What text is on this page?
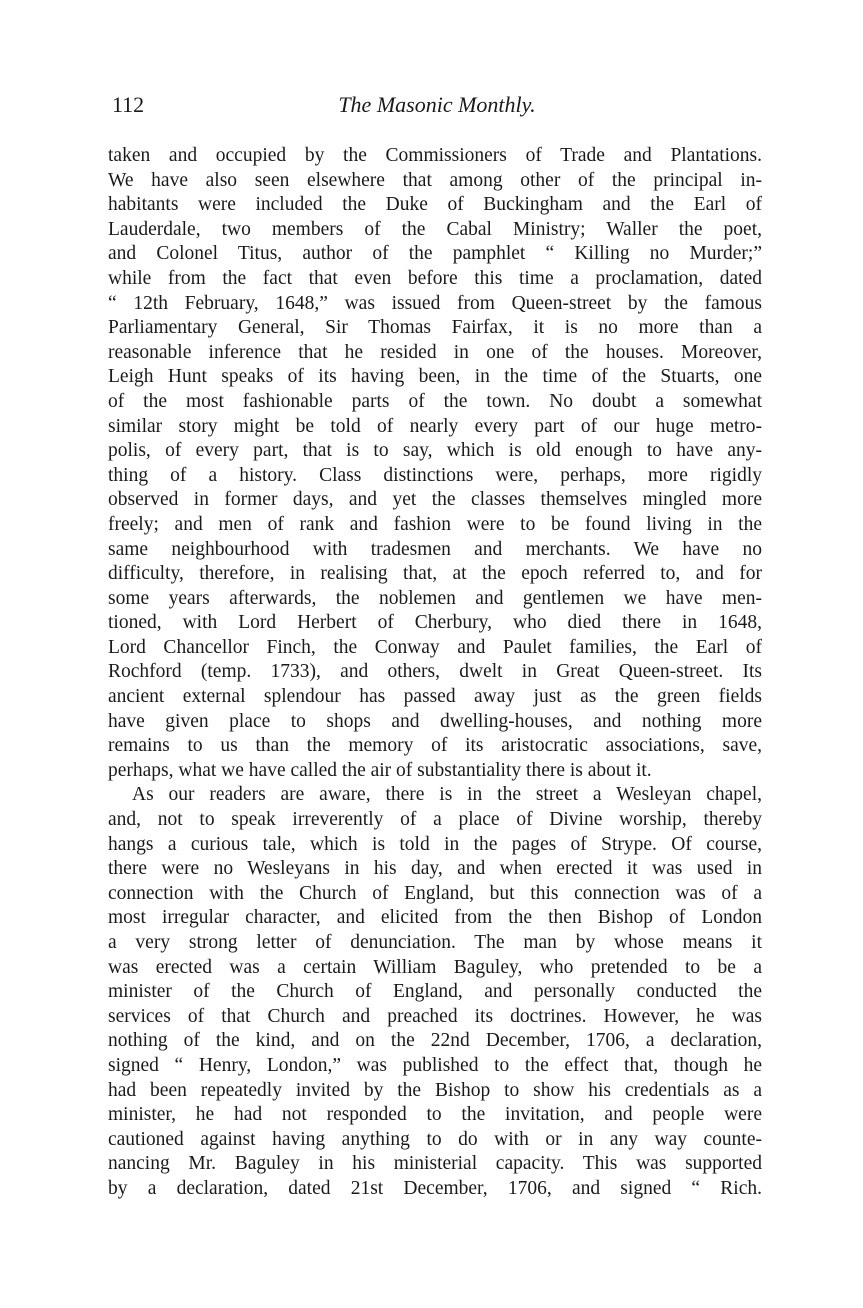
112	The Masonic Monthly.
taken and occupied by the Commissioners of Trade and Plantations.
We have also seen elsewhere that among other of the principal in-
habitants were included the Duke of Buckingham and the Earl of
Lauderdale, two members of the Cabal Ministry; Waller the poet,
and Colonel Titus, author of the pamphlet “ Killing no Murder;”
while from the fact that even before this time a proclamation, dated
“ 12th February, 1648,” was issued from Queen-street by the famous
Parliamentary General, Sir Thomas Fairfax, it is no more than a
reasonable inference that he resided in one of the houses. Moreover,
Leigh Hunt speaks of its having been, in the time of the Stuarts, one
of the most fashionable parts of the town. No doubt a somewhat
similar story might be told of nearly every part of our huge metro-
polis, of every part, that is to say, which is old enough to have any-
thing of a history. Class distinctions were, perhaps, more rigidly
observed in former days, and yet the classes themselves mingled more
freely; and men of rank and fashion were to be found living in the
same neighbourhood with tradesmen and merchants. We have no
difficulty, therefore, in realising that, at the epoch referred to, and for
some years afterwards, the noblemen and gentlemen we have men-
tioned, with Lord Herbert of Cherbury, who died there in 1648,
Lord Chancellor Finch, the Conway and Paulet families, the Earl of
Rochford (temp. 1733), and others, dwelt in Great Queen-street. Its
ancient external splendour has passed away just as the green fields
have given place to shops and dwelling-houses, and nothing more
remains to us than the memory of its aristocratic associations, save,
perhaps, what we have called the air of substantiality there is about it.
As our readers are aware, there is in the street a Wesleyan chapel,
and, not to speak irreverently of a place of Divine worship, thereby
hangs a curious tale, which is told in the pages of Strype. Of course,
there were no Wesleyans in his day, and when erected it was used in
connection with the Church of England, but this connection was of a
most irregular character, and elicited from the then Bishop of London
a very strong letter of denunciation. The man by whose means it
was erected was a certain William Baguley, who pretended to be a
minister of the Church of England, and personally conducted the
services of that Church and preached its doctrines. However, he was
nothing of the kind, and on the 22nd December, 1706, a declaration,
signed “ Henry, London,” was published to the effect that, though he
had been repeatedly invited by the Bishop to show his credentials as a
minister, he had not responded to the invitation, and people were
cautioned against having anything to do with or in any way counte-
nancing Mr. Baguley in his ministerial capacity. This was supported
by a declaration, dated 21st December, 1706, and signed “ Rich.
